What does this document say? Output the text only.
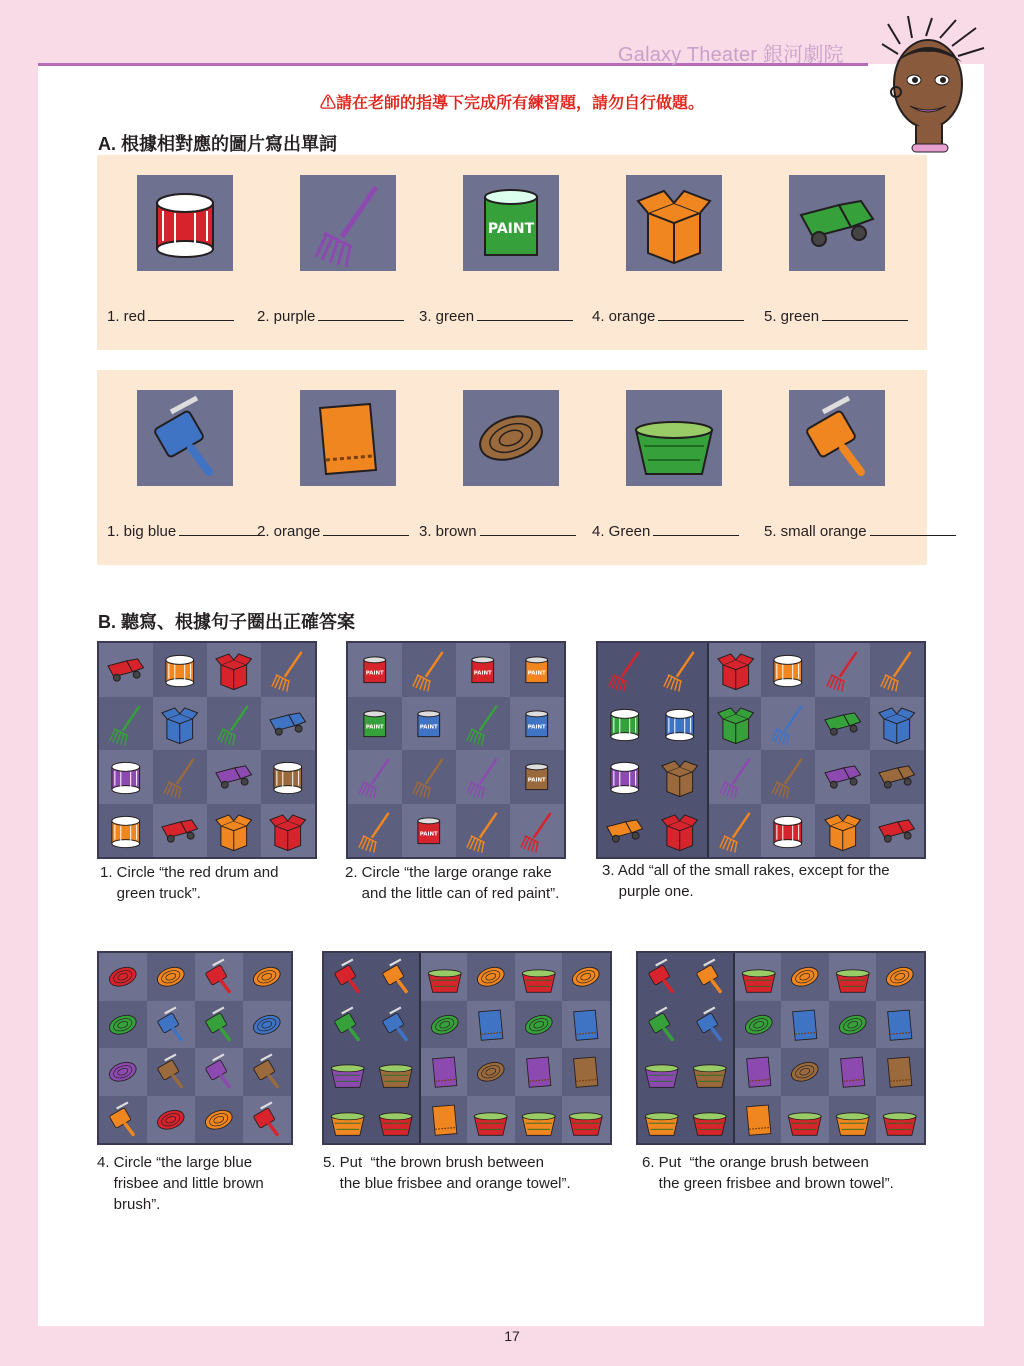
Galaxy Theater 銀河劇院
⚠請在老師的指導下完成所有練習題，請勿自行做題。
A. 根據相對應的圖片寫出單詞
1. red	2. purple
PAINT
3. green	4. orange	5. green
1. big blue	2. orange	3. brown	4. Green	5. small orange
B. 聽寫、根據句子圈出正確答案
PAINT	PAINT	PAINT
PAINT	PAINT	PAINT
PAINT
PAINT
1. Circle “the red drum and
green truck”.
2. Circle “the large orange rake
and the little can of red paint”.
3. Add “all of the small rakes, except for the
purple one.
4. Circle “the large blue
frisbee and little brown
brush”.
5. Put  “the brown brush between
the blue frisbee and orange towel”.
6. Put  “the orange brush between
the green frisbee and brown towel”.
17
